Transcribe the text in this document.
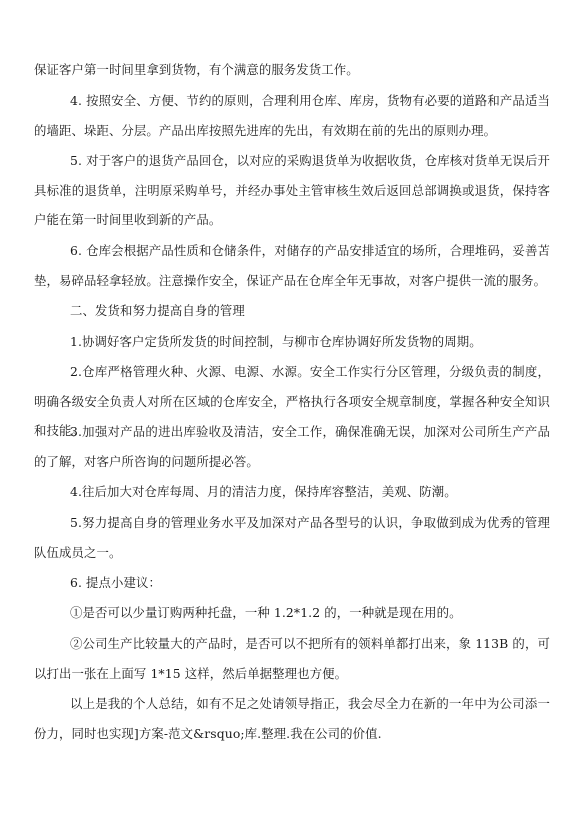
保证客户第一时间里拿到货物，有个满意的服务发货工作。
4. 按照安全、方便、节约的原则，合理利用仓库、库房，货物有必要的道路和产品适当的墙距、垛距、分层。产品出库按照先进库的先出，有效期在前的先出的原则办理。
5. 对于客户的退货产品回仓，以对应的采购退货单为收据收货，仓库核对货单无误后开具标准的退货单，注明原采购单号，并经办事处主管审核生效后返回总部调换或退货，保持客户能在第一时间里收到新的产品。
6. 仓库会根据产品性质和仓储条件，对储存的产品安排适宜的场所，合理堆码，妥善苫垫，易碎品轻拿轻放。注意操作安全，保证产品在仓库全年无事故，对客户提供一流的服务。
二、发货和努力提高自身的管理
1.协调好客户定货所发货的时间控制，与柳市仓库协调好所发货物的周期。
2.仓库严格管理火种、火源、电源、水源。安全工作实行分区管理，分级负责的制度，明确各级安全负责人对所在区域的仓库安全，严格执行各项安全规章制度，掌握各种安全知识和技能。
3.加强对产品的进出库验收及清洁，安全工作，确保准确无误，加深对公司所生产产品的了解，对客户所咨询的问题所提必答。
4.往后加大对仓库每周、月的清洁力度，保持库容整洁，美观、防潮。
5.努力提高自身的管理业务水平及加深对产品各型号的认识，争取做到成为优秀的管理队伍成员之一。
6. 提点小建议：
①是否可以少量订购两种托盘，一种 1.2*1.2 的，一种就是现在用的。
②公司生产比较量大的产品时，是否可以不把所有的领料单都打出来，象 113B 的，可以打出一张在上面写 1*15 这样，然后单据整理也方便。
以上是我的个人总结，如有不足之处请领导指正，我会尽全力在新的一年中为公司添一份力，同时也实现]方案-范文&rsquo;库.整理.我在公司的价值.
